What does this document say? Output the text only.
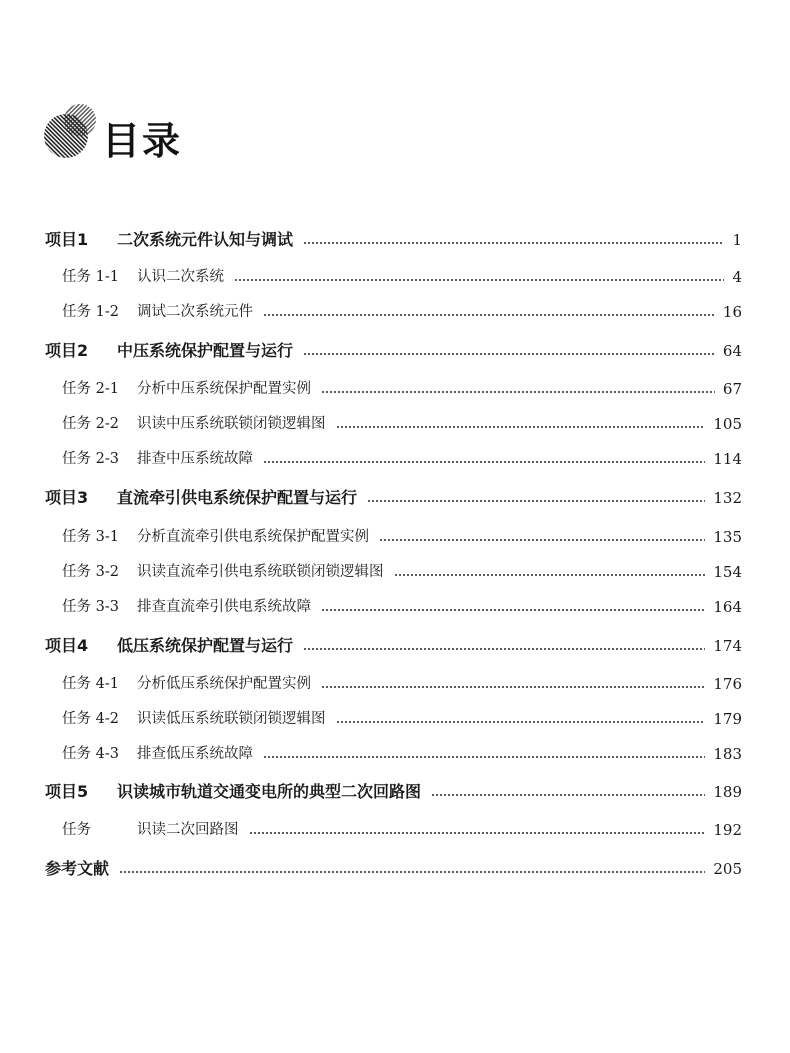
目录
项目1 二次系统元件认知与调试	1
任务 1-1 认识二次系统	4
任务 1-2 调试二次系统元件	16
项目2 中压系统保护配置与运行	64
任务 2-1 分析中压系统保护配置实例	67
任务 2-2 识读中压系统联锁闭锁逻辑图	105
任务 2-3 排查中压系统故障	114
项目3 直流牵引供电系统保护配置与运行	132
任务 3-1 分析直流牵引供电系统保护配置实例	135
任务 3-2 识读直流牵引供电系统联锁闭锁逻辑图	154
任务 3-3 排查直流牵引供电系统故障	164
项目4 低压系统保护配置与运行	174
任务 4-1 分析低压系统保护配置实例	176
任务 4-2 识读低压系统联锁闭锁逻辑图	179
任务 4-3 排查低压系统故障	183
项目5 识读城市轨道交通变电所的典型二次回路图	189
任务	识读二次回路图	192
参考文献	205
